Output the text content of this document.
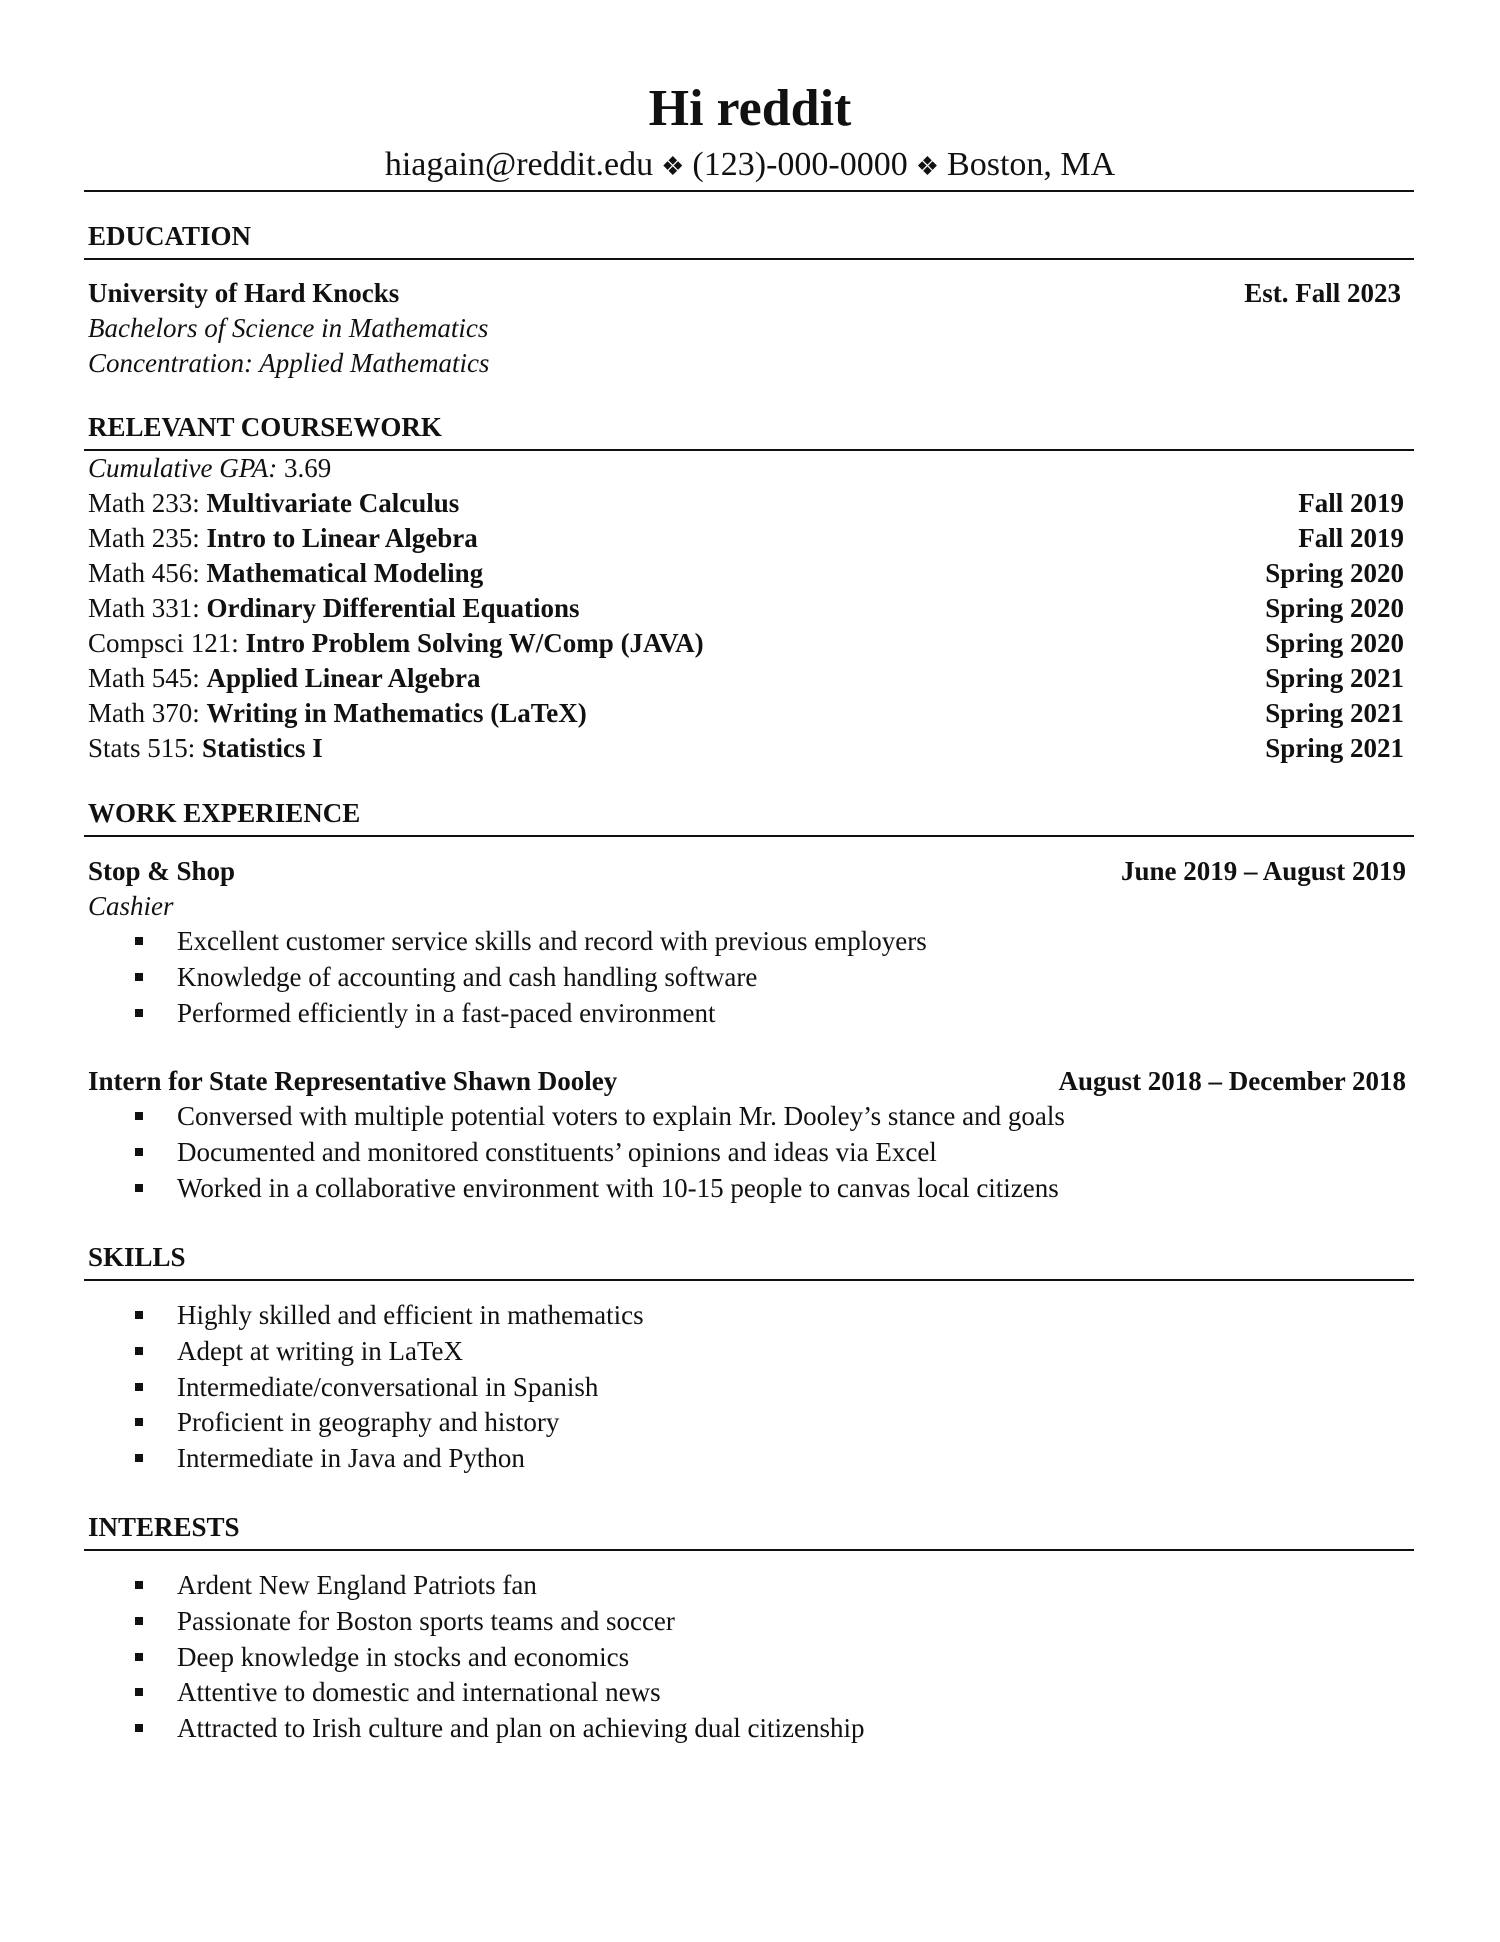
Hi reddit
hiagain@reddit.edu ❖ (123)-000-0000 ❖ Boston, MA
EDUCATION
University of Hard Knocks	Est. Fall 2023
Bachelors of Science in Mathematics
Concentration: Applied Mathematics
RELEVANT COURSEWORK
Cumulative GPA: 3.69
Math 233: Multivariate Calculus	Fall 2019
Math 235: Intro to Linear Algebra	Fall 2019
Math 456: Mathematical Modeling	Spring 2020
Math 331: Ordinary Differential Equations	Spring 2020
Compsci 121: Intro Problem Solving W/Comp (JAVA)	Spring 2020
Math 545: Applied Linear Algebra	Spring 2021
Math 370: Writing in Mathematics (LaTeX)	Spring 2021
Stats 515: Statistics I	Spring 2021
WORK EXPERIENCE
Stop & Shop	June 2019 – August 2019
Cashier
Excellent customer service skills and record with previous employers
Knowledge of accounting and cash handling software
Performed efficiently in a fast-paced environment
Intern for State Representative Shawn Dooley	August 2018 – December 2018
Conversed with multiple potential voters to explain Mr. Dooley’s stance and goals
Documented and monitored constituents’ opinions and ideas via Excel
Worked in a collaborative environment with 10-15 people to canvas local citizens
SKILLS
Highly skilled and efficient in mathematics
Adept at writing in LaTeX
Intermediate/conversational in Spanish
Proficient in geography and history
Intermediate in Java and Python
INTERESTS
Ardent New England Patriots fan
Passionate for Boston sports teams and soccer
Deep knowledge in stocks and economics
Attentive to domestic and international news
Attracted to Irish culture and plan on achieving dual citizenship
